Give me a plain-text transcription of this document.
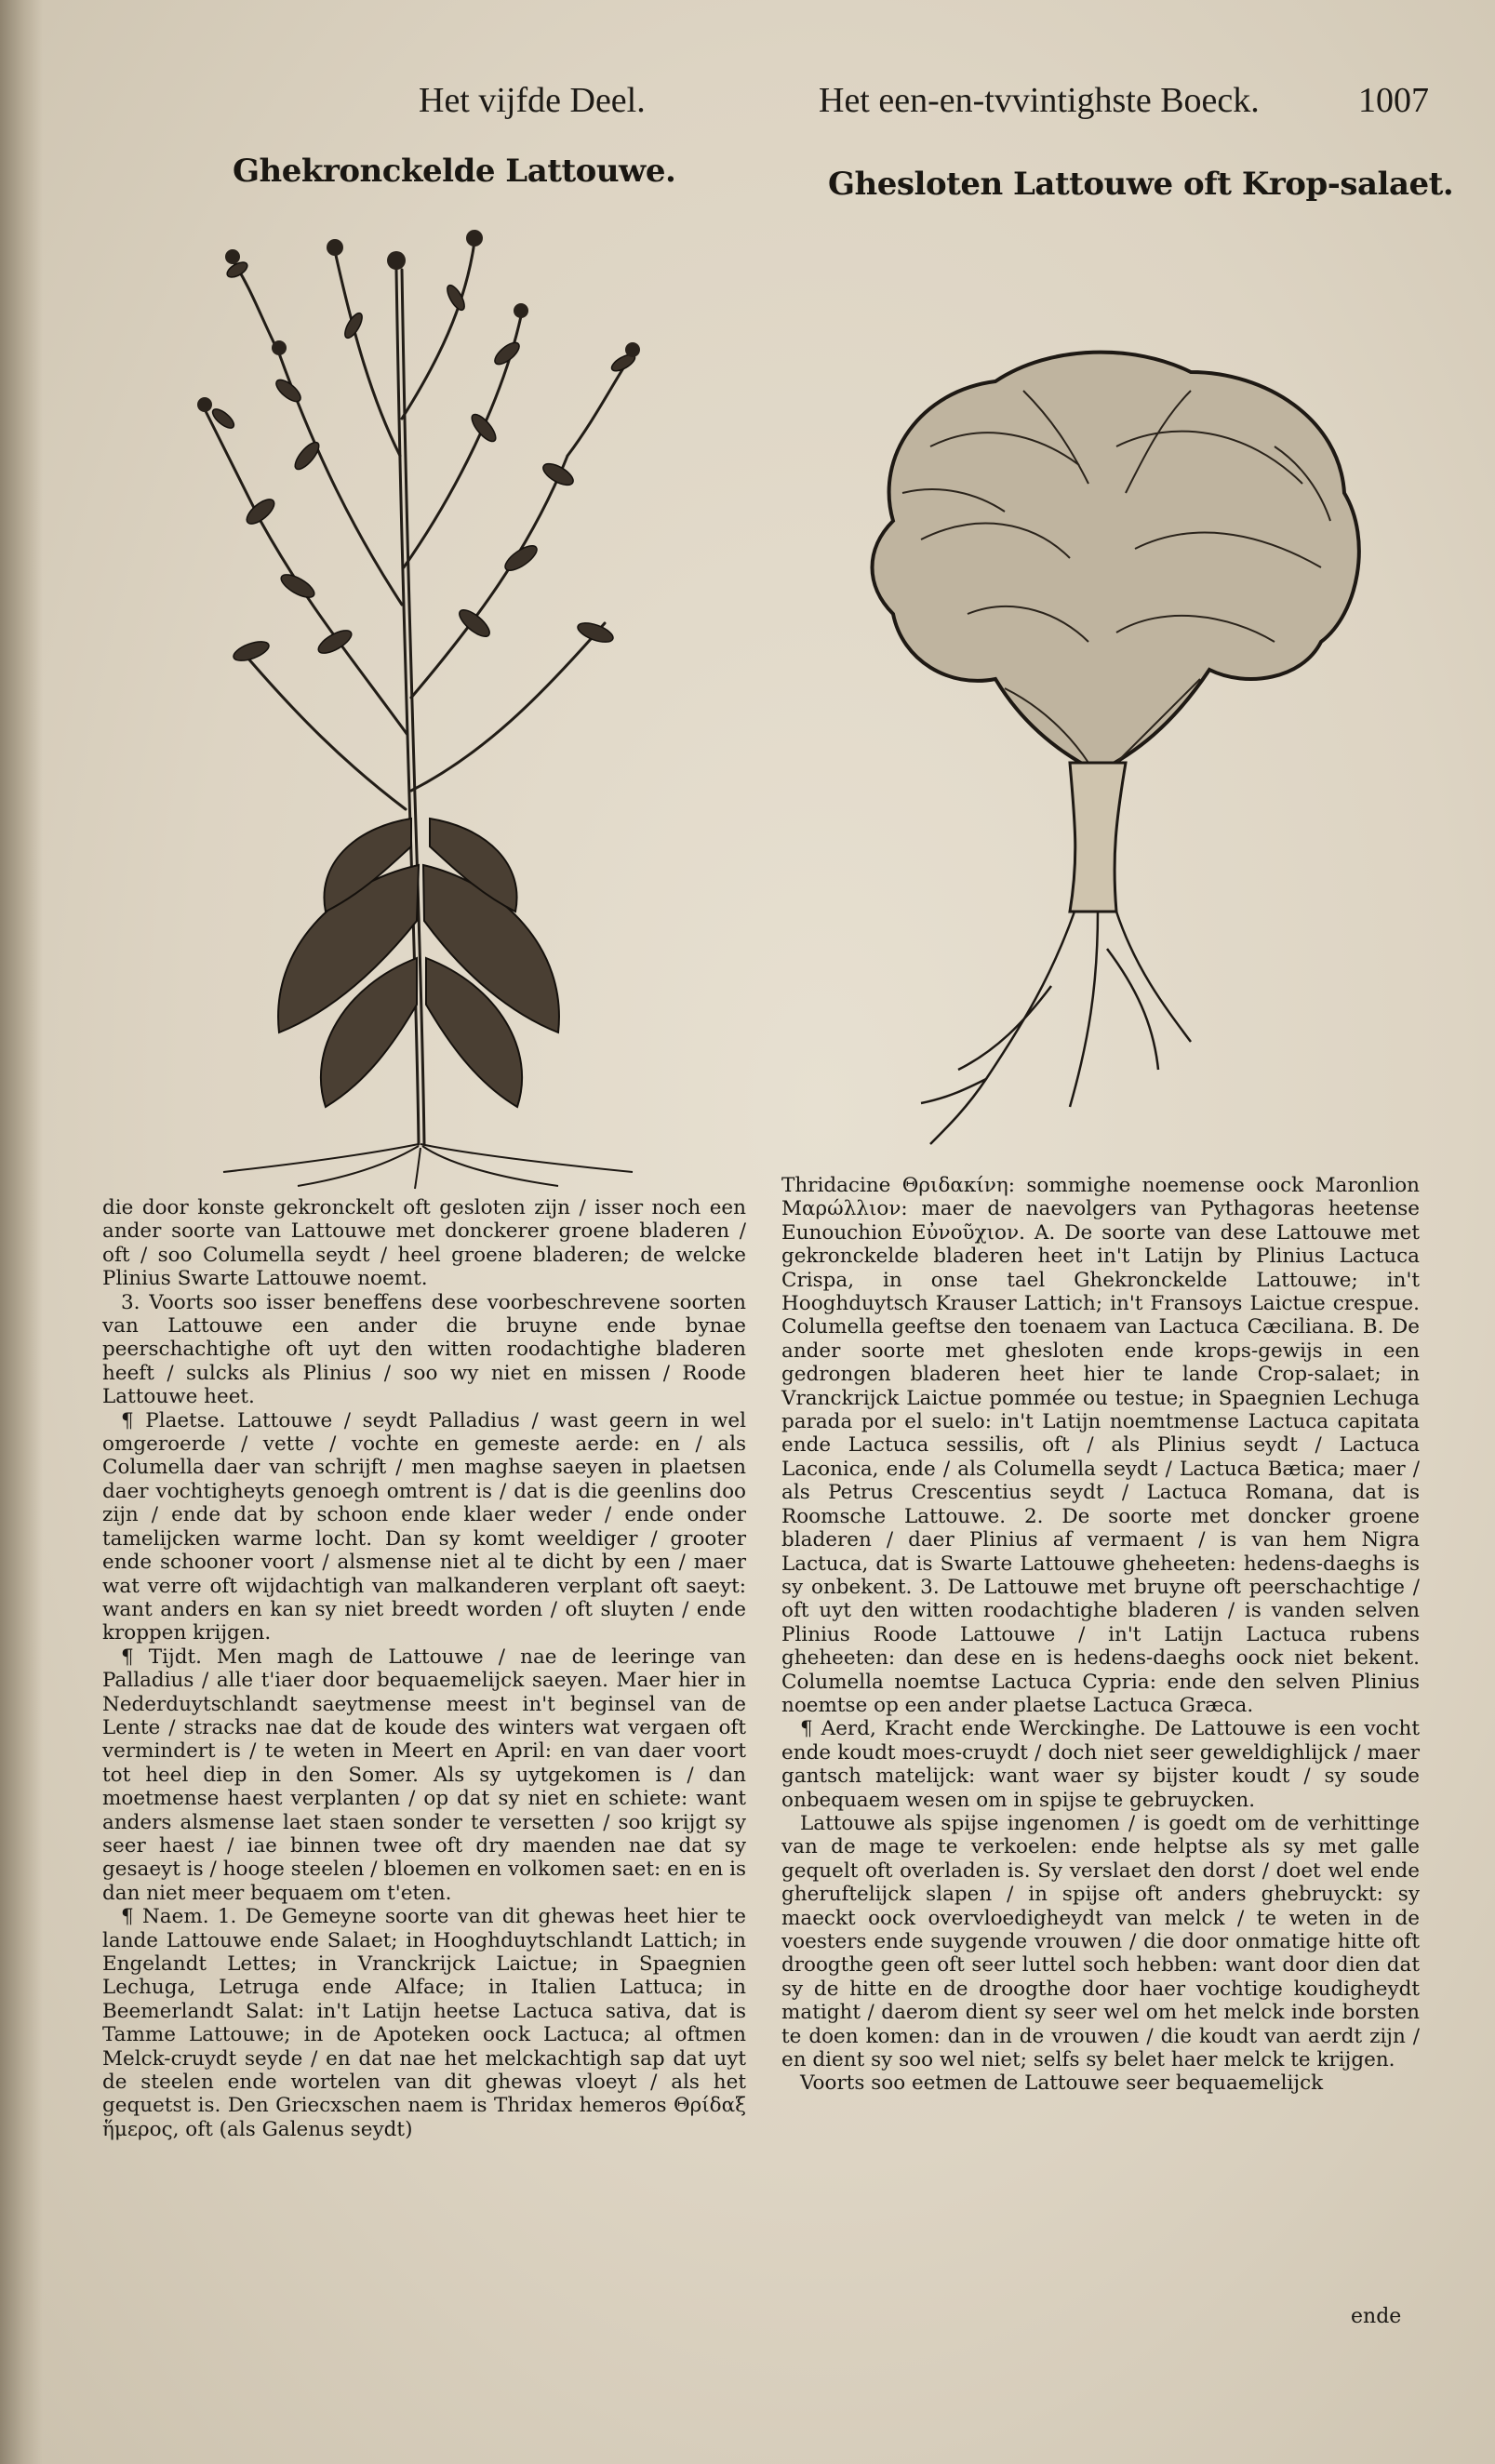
Het vijfde Deel.	Het een-en-tvvintighste Boeck.	1007
Ghekronckelde Lattouwe.	Ghesloten Lattouwe oft Krop-salaet.

die door konste gekronckelt oft gesloten zijn / isser noch een ander soorte van Lattouwe met donckerer groene bladeren / oft / soo Columella seydt / heel groene bladeren; de welcke Plinius Swarte Lattouwe noemt.

3. Voorts soo isser beneffens dese voorbeschrevene soorten van Lattouwe een ander die bruyne ende bynae peerschachtighe oft uyt den witten roodachtighe bladeren heeft / sulcks als Plinius / soo wy niet en missen / Roode Lattouwe heet.

¶ Plaetse. Lattouwe / seydt Palladius / wast geern in wel omgeroerde / vette / vochte en gemeste aerde: en / als Columella daer van schrijft / men maghse saeyen in plaetsen daer vochtigheyts genoegh omtrent is / dat is die geenlins doo zijn / ende dat by schoon ende klaer weder / ende onder tamelijcken warme locht. Dan sy komt weeldiger / grooter ende schooner voort / alsmense niet al te dicht by een / maer wat verre oft wijdachtigh van malkanderen verplant oft saeyt: want anders en kan sy niet breedt worden / oft sluyten / ende kroppen krijgen.

¶ Tijdt. Men magh de Lattouwe / nae de leeringe van Palladius / alle t'iaer door bequaemelijck saeyen. Maer hier in Nederduytschlandt saeytmense meest in't beginsel van de Lente / stracks nae dat de koude des winters wat vergaen oft vermindert is / te weten in Meert en April: en van daer voort tot heel diep in den Somer. Als sy uytgekomen is / dan moetmense haest verplanten / op dat sy niet en schiete: want anders alsmense laet staen sonder te versetten / soo krijgt sy seer haest / iae binnen twee oft dry maenden nae dat sy gesaeyt is / hooge steelen / bloemen en volkomen saet: en en is dan niet meer bequaem om t'eten.

¶ Naem. 1. De Gemeyne soorte van dit ghewas heet hier te lande Lattouwe ende Salaet; in Hooghduytschlandt Lattich; in Engelandt Lettes; in Vranckrijck Laictue; in Spaegnien Lechuga, Letruga ende Alface; in Italien Lattuca; in Beemerlandt Salat: in't Latijn heetse Lactuca sativa, dat is Tamme Lattouwe; in de Apoteken oock Lactuca; al oftmen Melck-cruydt seyde / en dat nae het melckachtigh sap dat uyt de steelen ende wortelen van dit ghewas vloeyt / als het gequetst is. Den Griecxschen naem is Thridax hemeros Θρίδαξ ἥμερος, oft (als Galenus seydt)

Thridacine Θριδακίνη: sommighe noemense oock Maronlion Μαρώλλιον: maer de naevolgers van Pythagoras heetense Eunouchion Εὐνοῦχιον. A. De soorte van dese Lattouwe met gekronckelde bladeren heet in't Latijn by Plinius Lactuca Crispa, in onse tael Ghekronckelde Lattouwe; in't Hooghduytsch Krauser Lattich; in't Fransoys Laictue crespue. Columella geeftse den toenaem van Lactuca Cæciliana. B. De ander soorte met ghesloten ende krops-gewijs in een gedrongen bladeren heet hier te lande Crop-salaet; in Vranckrijck Laictue pommée ou testue; in Spaegnien Lechuga parada por el suelo: in't Latijn noemtmense Lactuca capitata ende Lactuca sessilis, oft / als Plinius seydt / Lactuca Laconica, ende / als Columella seydt / Lactuca Bætica; maer / als Petrus Crescentius seydt / Lactuca Romana, dat is Roomsche Lattouwe. 2. De soorte met doncker groene bladeren / daer Plinius af vermaent / is van hem Nigra Lactuca, dat is Swarte Lattouwe gheheeten: hedens-daeghs is sy onbekent. 3. De Lattouwe met bruyne oft peerschachtige / oft uyt den witten roodachtighe bladeren / is vanden selven Plinius Roode Lattouwe / in't Latijn Lactuca rubens gheheeten: dan dese en is hedens-daeghs oock niet bekent. Columella noemtse Lactuca Cypria: ende den selven Plinius noemtse op een ander plaetse Lactuca Græca.

¶ Aerd, Kracht ende Werckinghe. De Lattouwe is een vocht ende koudt moes-cruydt / doch niet seer geweldighlijck / maer gantsch matelijck: want waer sy bijster koudt / sy soude onbequaem wesen om in spijse te gebruycken.

Lattouwe als spijse ingenomen / is goedt om de verhittinge van de mage te verkoelen: ende helptse als sy met galle gequelt oft overladen is. Sy verslaet den dorst / doet wel ende gheruftelijck slapen / in spijse oft anders ghebruyckt: sy maeckt oock overvloedigheydt van melck / te weten in de voesters ende suygende vrouwen / die door onmatige hitte oft droogthe geen oft seer luttel soch hebben: want door dien dat sy de hitte en de droogthe door haer vochtige koudigheydt matight / daerom dient sy seer wel om het melck inde borsten te doen komen: dan in de vrouwen / die koudt van aerdt zijn / en dient sy soo wel niet; selfs sy belet haer melck te krijgen.

Voorts soo eetmen de Lattouwe seer bequaemelijck

ende
